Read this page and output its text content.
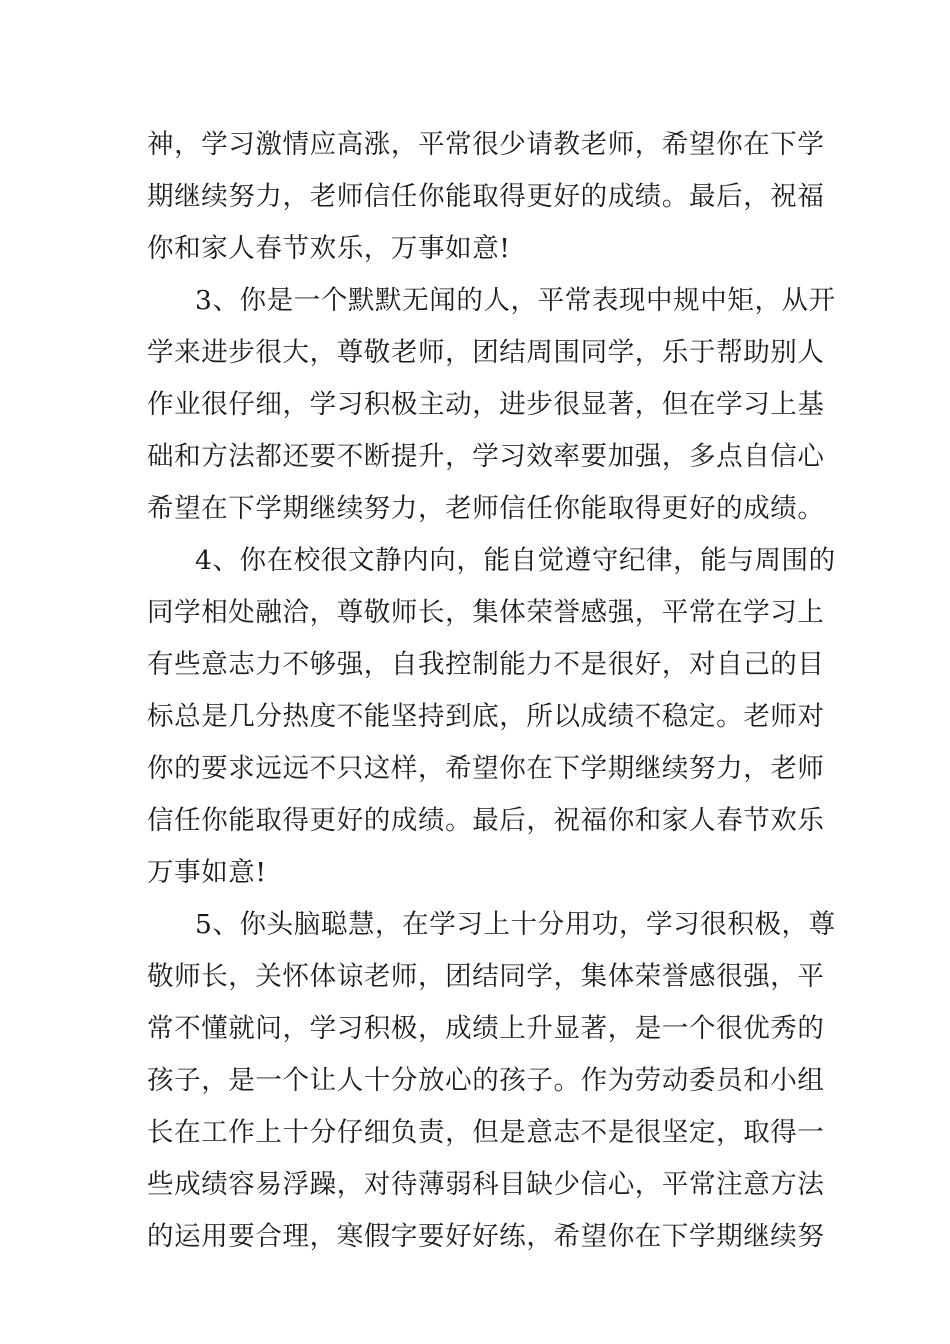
神，学习激情应高涨，平常很少请教老师，希望你在下学
期继续努力，老师信任你能取得更好的成绩。最后，祝福
你和家人春节欢乐，万事如意!
3、你是一个默默无闻的人，平常表现中规中矩，从开
学来进步很大，尊敬老师，团结周围同学，乐于帮助别人
作业很仔细，学习积极主动，进步很显著，但在学习上基
础和方法都还要不断提升，学习效率要加强，多点自信心
希望在下学期继续努力，老师信任你能取得更好的成绩。
4、你在校很文静内向，能自觉遵守纪律，能与周围的
同学相处融洽，尊敬师长，集体荣誉感强，平常在学习上
有些意志力不够强，自我控制能力不是很好，对自己的目
标总是几分热度不能坚持到底，所以成绩不稳定。老师对
你的要求远远不只这样，希望你在下学期继续努力，老师
信任你能取得更好的成绩。最后，祝福你和家人春节欢乐
万事如意!
5、你头脑聪慧，在学习上十分用功，学习很积极，尊
敬师长，关怀体谅老师，团结同学，集体荣誉感很强，平
常不懂就问，学习积极，成绩上升显著，是一个很优秀的
孩子，是一个让人十分放心的孩子。作为劳动委员和小组
长在工作上十分仔细负责，但是意志不是很坚定，取得一
些成绩容易浮躁，对待薄弱科目缺少信心，平常注意方法
的运用要合理，寒假字要好好练，希望你在下学期继续努
